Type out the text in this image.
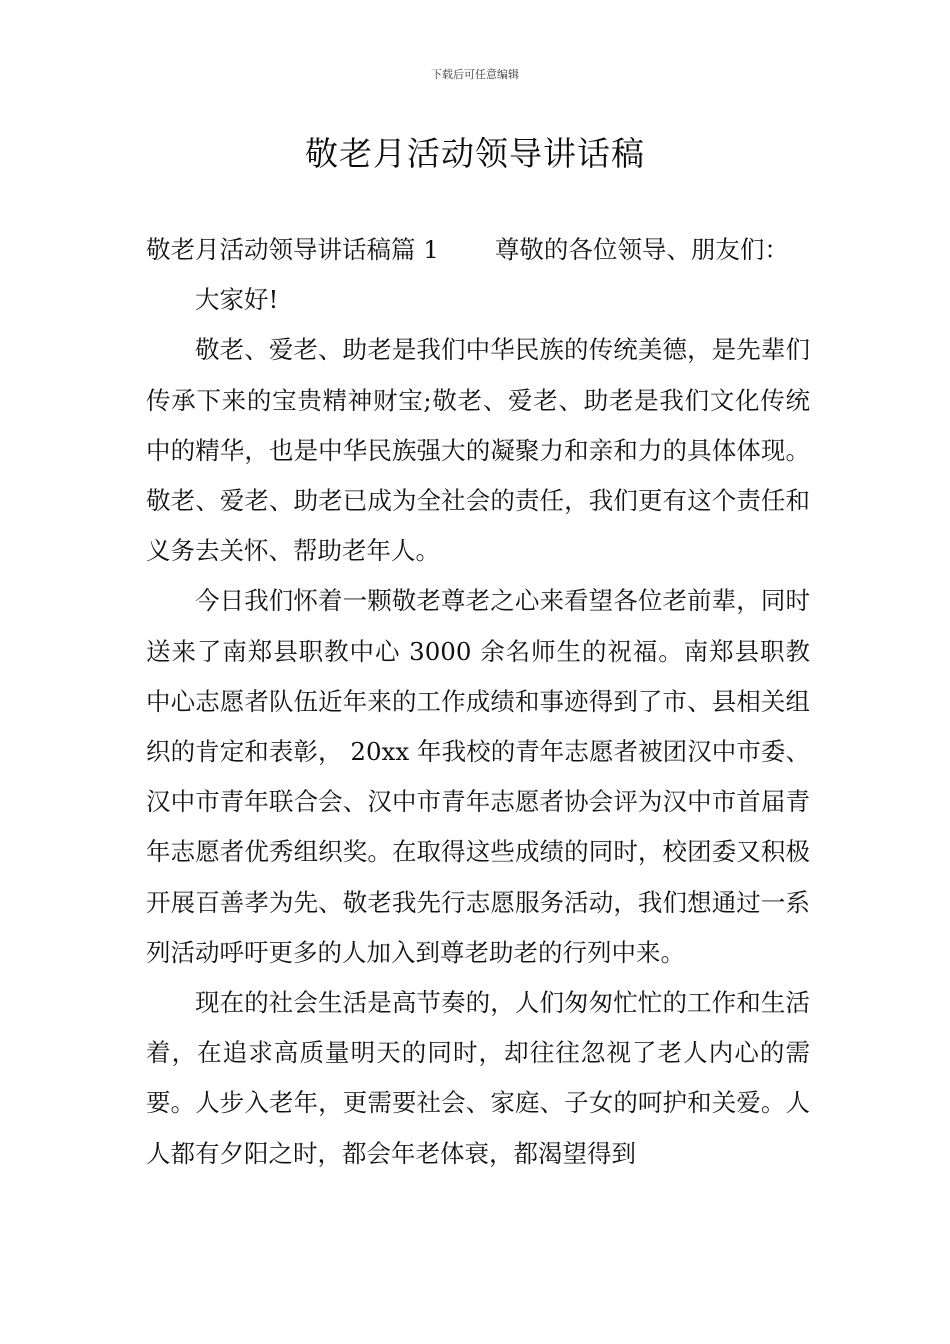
下载后可任意编辑
敬老月活动领导讲话稿

敬老月活动领导讲话稿篇 1 尊敬的各位领导、朋友们：

大家好!

敬老、爱老、助老是我们中华民族的传统美德，是先辈们传承下来的宝贵精神财宝;敬老、爱老、助老是我们文化传统中的精华，也是中华民族强大的凝聚力和亲和力的具体体现。敬老、爱老、助老已成为全社会的责任，我们更有这个责任和义务去关怀、帮助老年人。

今日我们怀着一颗敬老尊老之心来看望各位老前辈，同时送来了南郑县职教中心 3000 余名师生的祝福。南郑县职教中心志愿者队伍近年来的工作成绩和事迹得到了市、县相关组织的肯定和表彰， 20xx 年我校的青年志愿者被团汉中市委、汉中市青年联合会、汉中市青年志愿者协会评为汉中市首届青年志愿者优秀组织奖。在取得这些成绩的同时，校团委又积极开展百善孝为先、敬老我先行志愿服务活动，我们想通过一系列活动呼吁更多的人加入到尊老助老的行列中来。

现在的社会生活是高节奏的，人们匆匆忙忙的工作和生活着，在追求高质量明天的同时，却往往忽视了老人内心的需要。人步入老年，更需要社会、家庭、子女的呵护和关爱。人人都有夕阳之时，都会年老体衰，都渴望得到
